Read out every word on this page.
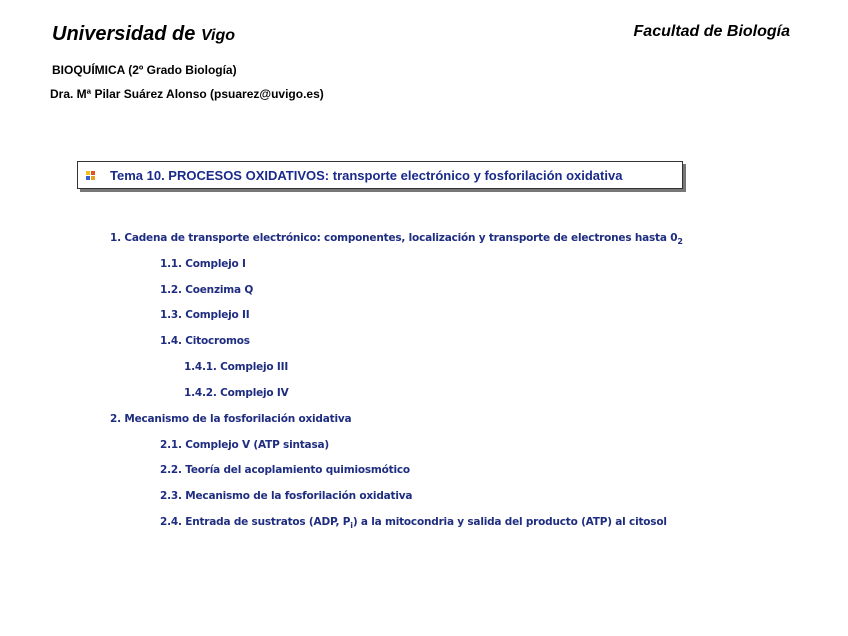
Universidad de Vigo	Facultad de Biología
BIOQUÍMICA (2º Grado Biología)
Dra. Mª Pilar Suárez Alonso (psuarez@uvigo.es)
Tema 10. PROCESOS OXIDATIVOS: transporte electrónico y fosforilación oxidativa
1. Cadena de transporte electrónico: componentes, localización y transporte de electrones hasta $0_2$
1.1. Complejo I
1.2. Coenzima Q
1.3. Complejo II
1.4. Citocromos
1.4.1. Complejo III
1.4.2. Complejo IV
2. Mecanismo de la fosforilación oxidativa
2.1. Complejo V (ATP sintasa)
2.2. Teoría del acoplamiento quimiosmótico
2.3. Mecanismo de la fosforilación oxidativa
2.4. Entrada de sustratos (ADP, $P_i$) a la mitocondria y salida del producto (ATP) al citosol
